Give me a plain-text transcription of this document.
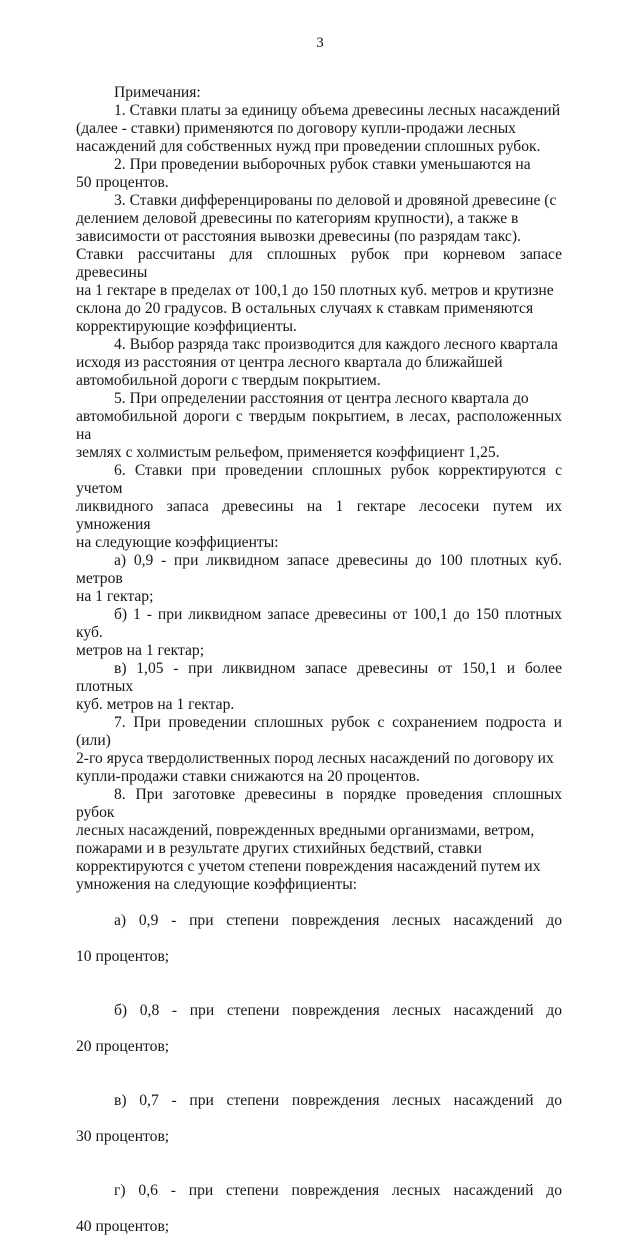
3

Примечания:

1. Ставки платы за единицу объема древесины лесных насаждений
(далее - ставки) применяются по договору купли-продажи лесных
насаждений для собственных нужд при проведении сплошных рубок.

2. При проведении выборочных рубок ставки уменьшаются на
50 процентов.

3. Ставки дифференцированы по деловой и дровяной древесине (с
делением деловой древесины по категориям крупности), а также в
зависимости от расстояния вывозки древесины (по разрядам такс).

Ставки рассчитаны для сплошных рубок при корневом запасе древесины
на 1 гектаре в пределах от 100,1 до 150 плотных куб. метров и крутизне
склона до 20 градусов. В остальных случаях к ставкам применяются
корректирующие коэффициенты.

4. Выбор разряда такс производится для каждого лесного квартала
исходя из расстояния от центра лесного квартала до ближайшей
автомобильной дороги с твердым покрытием.

5. При определении расстояния от центра лесного квартала до
автомобильной дороги с твердым покрытием, в лесах, расположенных на
землях с холмистым рельефом, применяется коэффициент 1,25.

6. Ставки при проведении сплошных рубок корректируются с учетом
ликвидного запаса древесины на 1 гектаре лесосеки путем их умножения
на следующие коэффициенты:

а) 0,9 - при ликвидном запасе древесины до 100 плотных куб. метров
на 1 гектар;

б) 1 - при ликвидном запасе древесины от 100,1 до 150 плотных куб.
метров на 1 гектар;

в) 1,05 - при ликвидном запасе древесины от 150,1 и более плотных
куб. метров на 1 гектар.

7. При проведении сплошных рубок с сохранением подроста и (или)
2-го яруса твердолиственных пород лесных насаждений по договору их
купли-продажи ставки снижаются на 20 процентов.

8. При заготовке древесины в порядке проведения сплошных рубок
лесных насаждений, поврежденных вредными организмами, ветром,
пожарами и в результате других стихийных бедствий, ставки
корректируются с учетом степени повреждения насаждений путем их
умножения на следующие коэффициенты:

а) 0,9 - при степени повреждения лесных насаждений до

10 процентов;

б) 0,8 - при степени повреждения лесных насаждений до

20 процентов;

в) 0,7 - при степени повреждения лесных насаждений до

30 процентов;

г) 0,6 - при степени повреждения лесных насаждений до

40 процентов;
